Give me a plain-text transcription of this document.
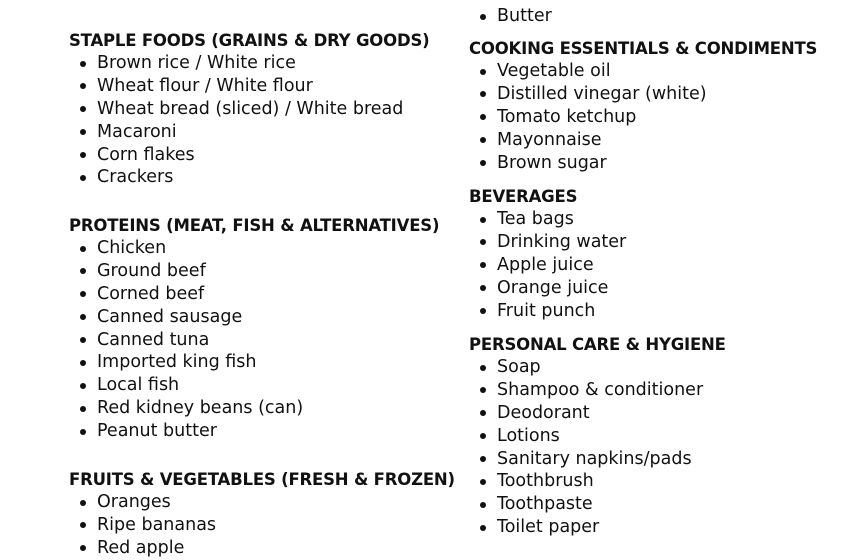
STAPLE FOODS (GRAINS & DRY GOODS)
Brown rice / White rice
Wheat flour / White flour
Wheat bread (sliced) / White bread
Macaroni
Corn flakes
Crackers
PROTEINS (MEAT, FISH & ALTERNATIVES)
Chicken
Ground beef
Corned beef
Canned sausage
Canned tuna
Imported king fish
Local fish
Red kidney beans (can)
Peanut butter
FRUITS & VEGETABLES (FRESH & FROZEN)
Oranges
Ripe bananas
Red apple
Butter
COOKING ESSENTIALS & CONDIMENTS
Vegetable oil
Distilled vinegar (white)
Tomato ketchup
Mayonnaise
Brown sugar
BEVERAGES
Tea bags
Drinking water
Apple juice
Orange juice
Fruit punch
PERSONAL CARE & HYGIENE
Soap
Shampoo & conditioner
Deodorant
Lotions
Sanitary napkins/pads
Toothbrush
Toothpaste
Toilet paper
